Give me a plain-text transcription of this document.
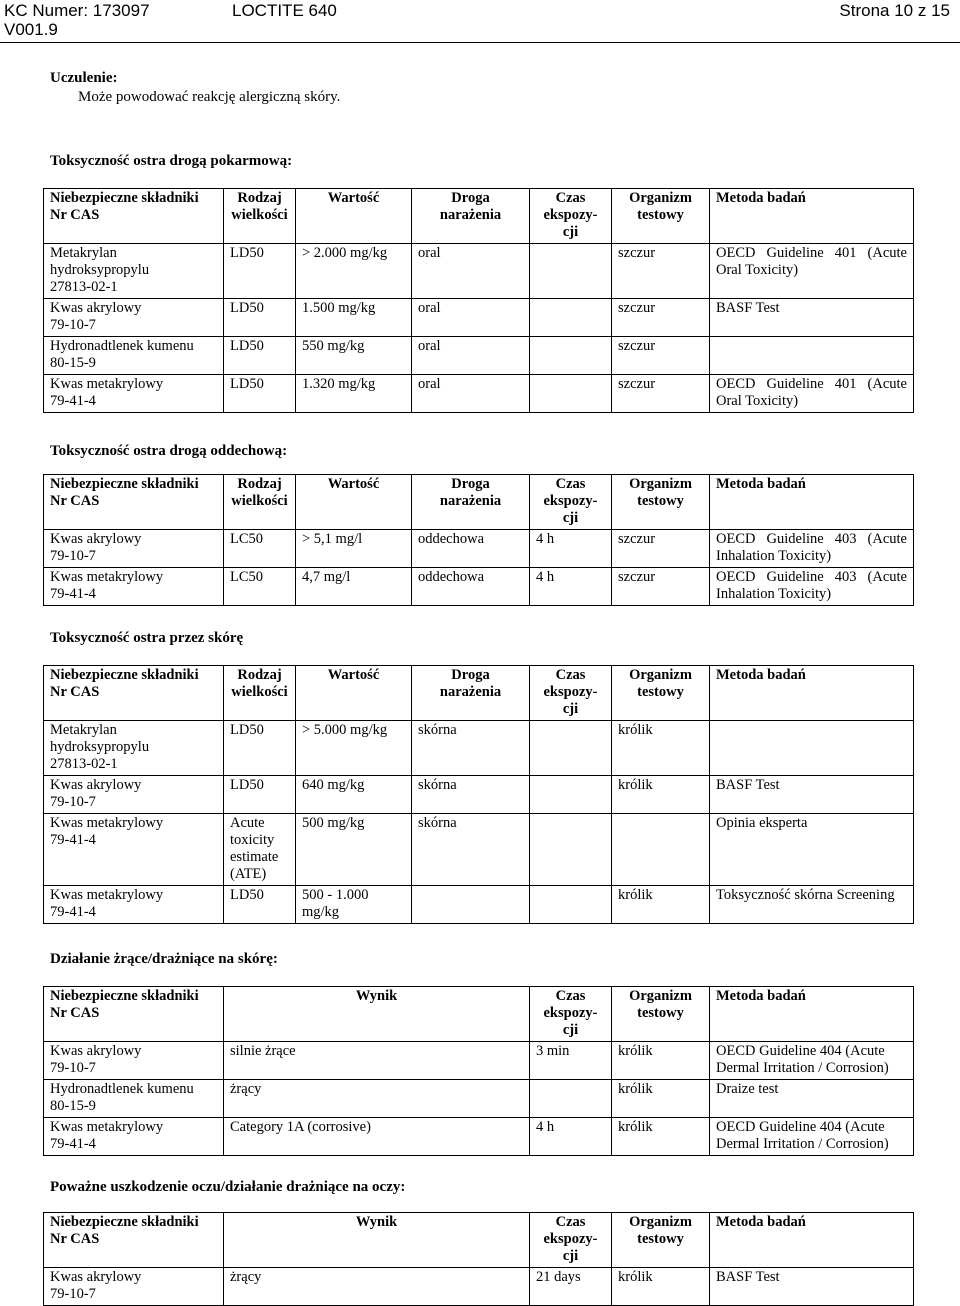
KC Numer: 173097
V001.9
LOCTITE 640	Strona 10 z 15
Uczulenie:
Może powodować reakcję alergiczną skóry.
Toksyczność ostra drogą pokarmową:
Niebezpieczne składniki
Nr CAS	Rodzaj
wielkości	Wartość	Droga
narażenia	Czas
ekspozy-
cji	Organizm
testowy	Metoda badań
Metakrylan
hydroksypropylu
27813-02-1	LD50	> 2.000 mg/kg	oral		szczur	OECD Guideline 401 (Acute Oral Toxicity)
Kwas akrylowy
79-10-7	LD50	1.500 mg/kg	oral		szczur	BASF Test
Hydronadtlenek kumenu
80-15-9	LD50	550 mg/kg	oral		szczur	
Kwas metakrylowy
79-41-4	LD50	1.320 mg/kg	oral		szczur	OECD Guideline 401 (Acute Oral Toxicity)
Toksyczność ostra drogą oddechową:
Niebezpieczne składniki
Nr CAS	Rodzaj
wielkości	Wartość	Droga
narażenia	Czas
ekspozy-
cji	Organizm
testowy	Metoda badań
Kwas akrylowy
79-10-7	LC50	> 5,1 mg/l	oddechowa	4 h	szczur	OECD Guideline 403 (Acute Inhalation Toxicity)
Kwas metakrylowy
79-41-4	LC50	4,7 mg/l	oddechowa	4 h	szczur	OECD Guideline 403 (Acute Inhalation Toxicity)
Toksyczność ostra przez skórę
Niebezpieczne składniki
Nr CAS	Rodzaj
wielkości	Wartość	Droga
narażenia	Czas
ekspozy-
cji	Organizm
testowy	Metoda badań
Metakrylan
hydroksypropylu
27813-02-1	LD50	> 5.000 mg/kg	skórna		królik	
Kwas akrylowy
79-10-7	LD50	640 mg/kg	skórna		królik	BASF Test
Kwas metakrylowy
79-41-4	Acute
toxicity
estimate
(ATE)	500 mg/kg	skórna			Opinia eksperta
Kwas metakrylowy
79-41-4	LD50	500 - 1.000
mg/kg			królik	Toksyczność skórna Screening
Działanie żrące/drażniące na skórę:
Niebezpieczne składniki
Nr CAS	Wynik	Czas
ekspozy-
cji	Organizm
testowy	Metoda badań
Kwas akrylowy
79-10-7	silnie żrące	3 min	królik	OECD Guideline 404 (Acute
Dermal Irritation / Corrosion)
Hydronadtlenek kumenu
80-15-9	żrący		królik	Draize test
Kwas metakrylowy
79-41-4	Category 1A (corrosive)	4 h	królik	OECD Guideline 404 (Acute
Dermal Irritation / Corrosion)
Poważne uszkodzenie oczu/działanie drażniące na oczy:
Niebezpieczne składniki
Nr CAS	Wynik	Czas
ekspozy-
cji	Organizm
testowy	Metoda badań
Kwas akrylowy
79-10-7	żrący	21 days	królik	BASF Test
